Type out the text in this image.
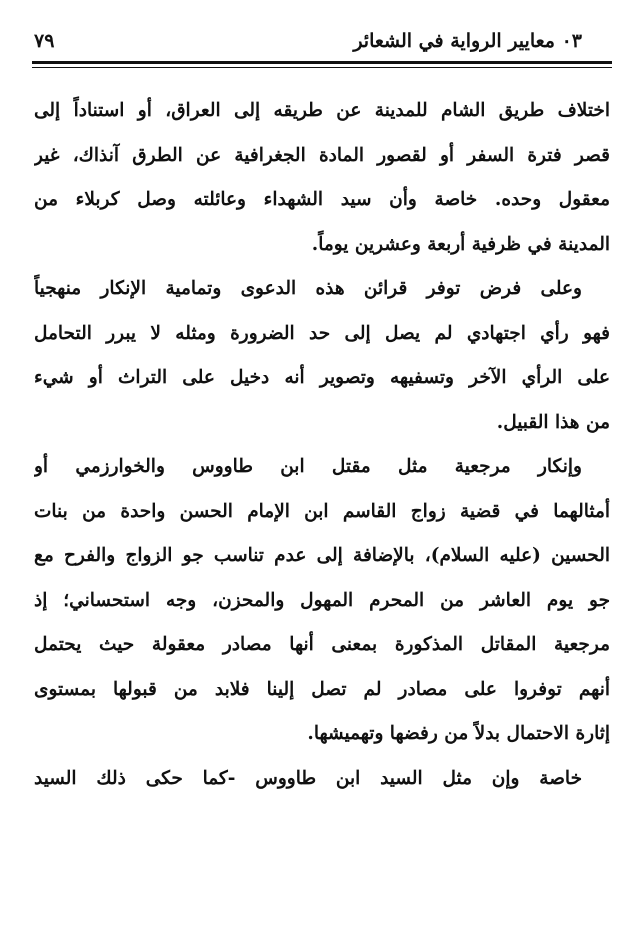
٠٣ معايير الرواية في الشعائر
٧٩

اختلاف طريق الشام للمدينة عن طريقه إلى العراق، أو استناداً إلى
قصر فترة السفر أو لقصور المادة الجغرافية عن الطرق آنذاك، غير
معقول وحده. خاصة وأن سيد الشهداء وعائلته وصل كربلاء من
المدينة في ظرفية أربعة وعشرين يوماً.

وعلى فرض توفر قرائن هذه الدعوى وتمامية الإنكار منهجياً
فهو رأي اجتهادي لم يصل إلى حد الضرورة ومثله لا يبرر التحامل
على الرأي الآخر وتسفيهه وتصوير أنه دخيل على التراث أو شيء
من هذا القبيل.

وإنكار مرجعية مثل مقتل ابن طاووس والخوارزمي أو
أمثالهما في قضية زواج القاسم ابن الإمام الحسن واحدة من بنات
الحسين (عليه السلام)، بالإضافة إلى عدم تناسب جو الزواج والفرح مع
جو يوم العاشر من المحرم المهول والمحزن، وجه استحساني؛ إذ
مرجعية المقاتل المذكورة بمعنى أنها مصادر معقولة حيث يحتمل
أنهم توفروا على مصادر لم تصل إلينا فلابد من قبولها بمستوى
إثارة الاحتمال بدلاً من رفضها وتهميشها.

خاصة وإن مثل السيد ابن طاووس -كما حكى ذلك السيد
